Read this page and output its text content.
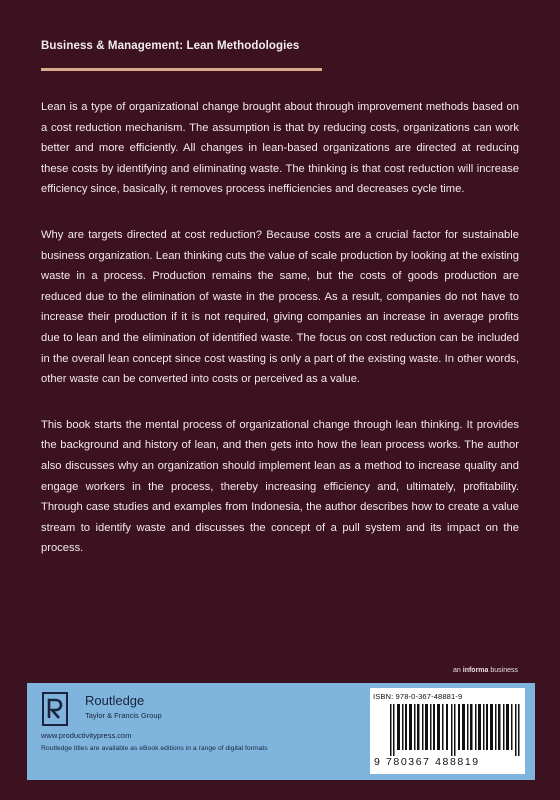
Business & Management: Lean Methodologies

Lean is a type of organizational change brought about through improvement methods based on a cost reduction mechanism. The assumption is that by reducing costs, organizations can work better and more efficiently. All changes in lean-based organizations are directed at reducing these costs by identifying and eliminating waste. The thinking is that cost reduction will increase efficiency since, basically, it removes process inefficiencies and decreases cycle time.

Why are targets directed at cost reduction? Because costs are a crucial factor for sustainable business organization. Lean thinking cuts the value of scale production by looking at the existing waste in a process. Production remains the same, but the costs of goods production are reduced due to the elimination of waste in the process. As a result, companies do not have to increase their production if it is not required, giving companies an increase in average profits due to lean and the elimination of identified waste. The focus on cost reduction can be included in the overall lean concept since cost wasting is only a part of the existing waste. In other words, other waste can be converted into costs or perceived as a value.

This book starts the mental process of organizational change through lean thinking. It provides the background and history of lean, and then gets into how the lean process works. The author also discusses why an organization should implement lean as a method to increase quality and engage workers in the process, thereby increasing efficiency and, ultimately, profitability. Through case studies and examples from Indonesia, the author describes how to create a value stream to identify waste and discusses the concept of a pull system and its impact on the process.

an informa business
Routledge
Taylor & Francis Group
www.productivitypress.com
Routledge titles are available as eBook editions in a range of digital formats
ISBN: 978-0-367-48881-9
9 780367 488819
